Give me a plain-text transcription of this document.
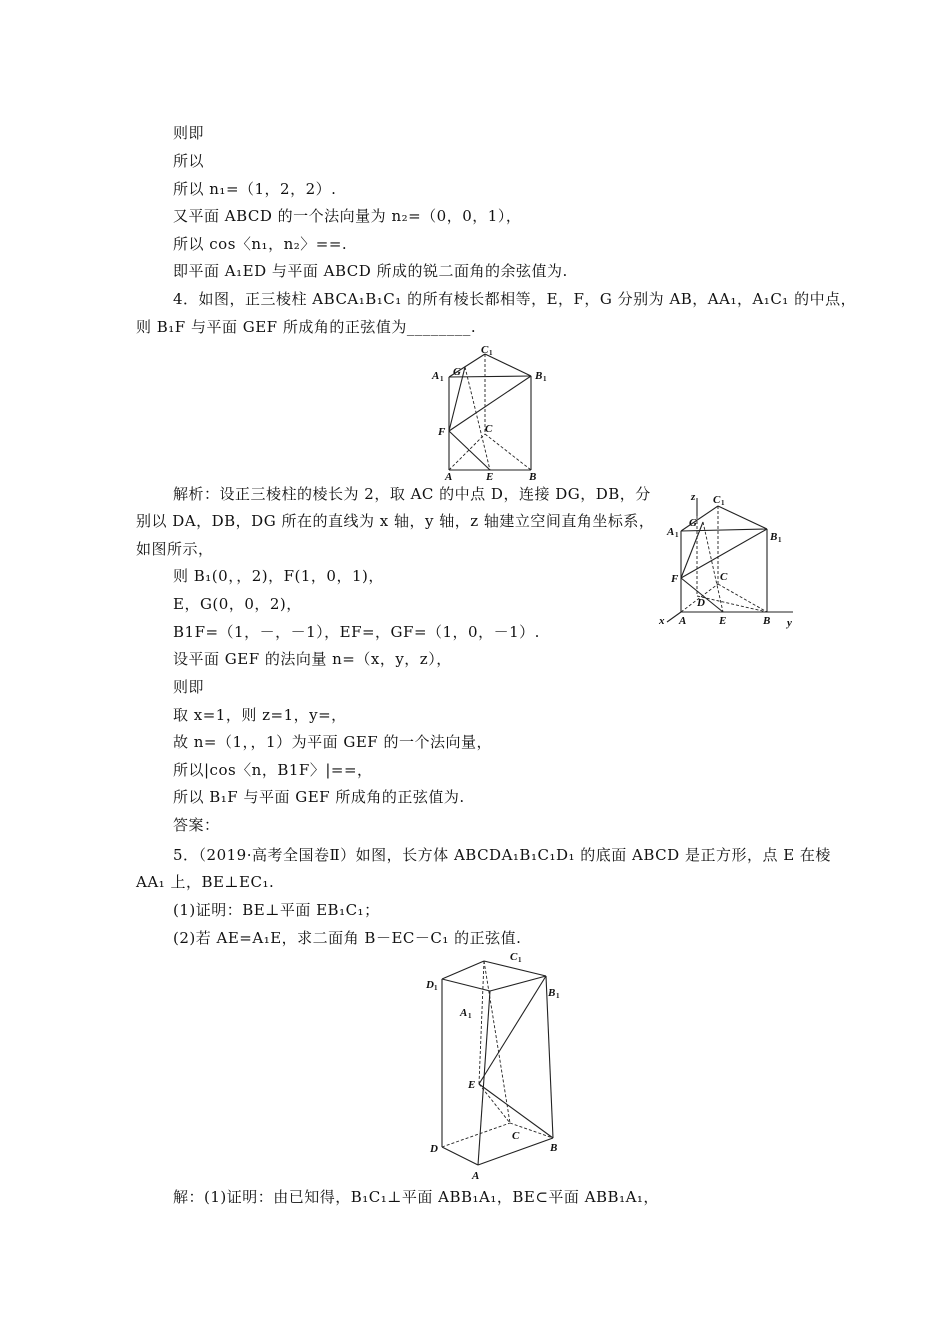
则即
所以
所以 n₁=（1，2，2）.
又平面 ABCD 的一个法向量为 n₂=（0，0，1），
所以 cos〈n₁，n₂〉==.
即平面 A₁ED 与平面 ABCD 所成的锐二面角的余弦值为.
4．如图，正三棱柱 ABCA₁B₁C₁ 的所有棱长都相等，E，F，G 分别为 AB，AA₁，A₁C₁ 的中点，
则 B₁F 与平面 GEF 所成角的正弦值为________.
C 1
G
A 1	B 1
F	C
A	E	B
解析：设正三棱柱的棱长为 2，取 AC 的中点 D，连接 DG，DB，分
别以 DA，DB，DG 所在的直线为 x 轴，y 轴，z 轴建立空间直角坐标系，
如图所示，
则 B₁(0，，2)，F(1，0，1)，
E，G(0，0，2)，
B1F=（1，－，－1），EF=，GF=（1，0，－1）.
设平面 GEF 的法向量 n=（x，y，z），
则即
取 x=1，则 z=1，y=，
故 n=（1，，1）为平面 GEF 的一个法向量，
所以|cos〈n，B1F〉|==，
所以 B₁F 与平面 GEF 所成角的正弦值为.
答案：
z C 1
G
A 1	B 1
F	C
D
x A	E	B y
5．（2019·高考全国卷Ⅱ）如图，长方体 ABCDA₁B₁C₁D₁ 的底面 ABCD 是正方形，点 E 在棱
AA₁ 上，BE⊥EC₁.
(1)证明：BE⊥平面 EB₁C₁；
(2)若 AE=A₁E，求二面角 B－EC－C₁ 的正弦值.
C 1
D 1	B 1
A 1
E
C
D	B
A
解：(1)证明：由已知得，B₁C₁⊥平面 ABB₁A₁，BE⊂平面 ABB₁A₁，
